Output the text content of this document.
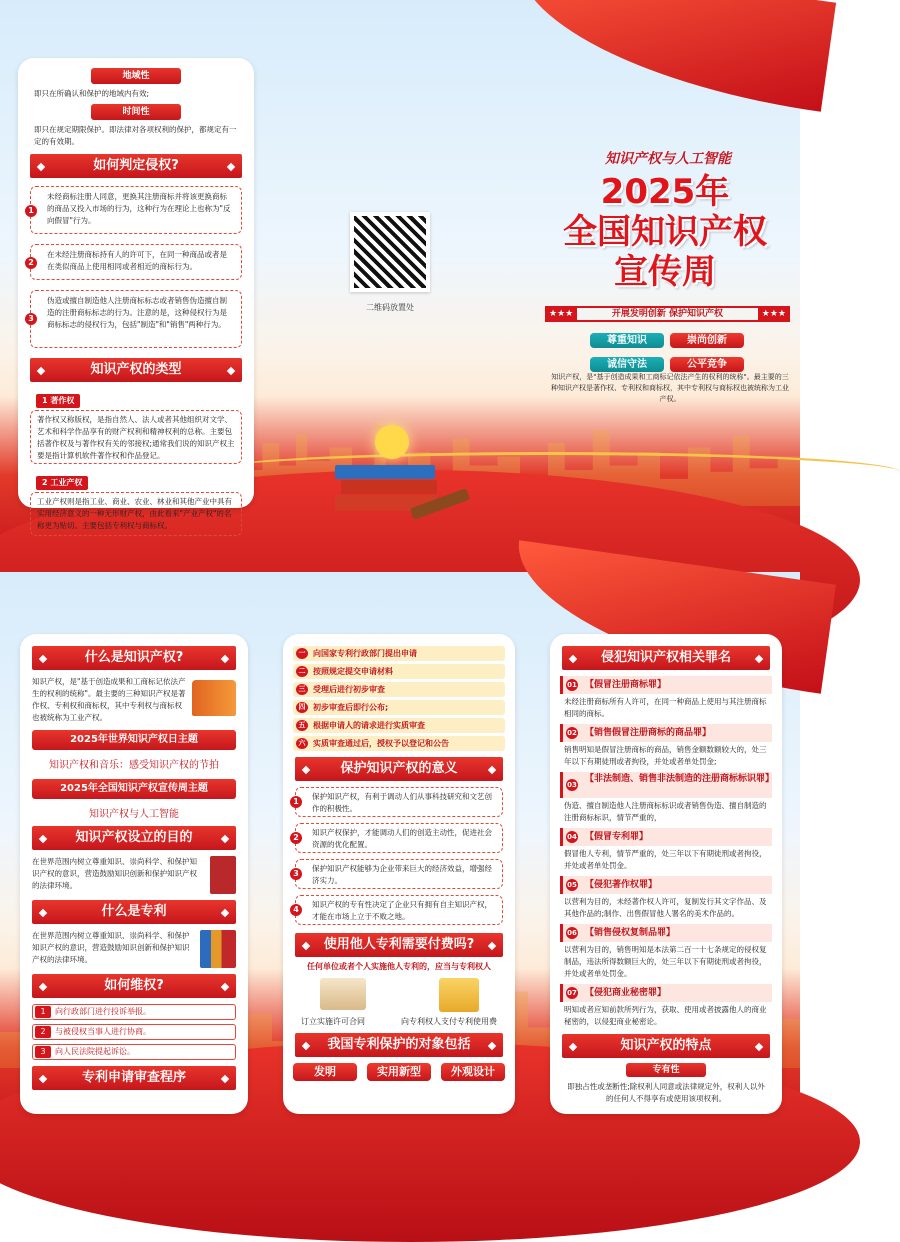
地域性
即只在所确认和保护的地域内有效;
时间性
即只在规定期限保护。即法律对各项权利的保护，都规定有一定的有效期。
如何判定侵权?
1
未经商标注册人同意，更换其注册商标并将该更换商标的商品又投入市场的行为，这种行为在理论上也称为"反向假冒"行为。
2
在未经注册商标持有人的许可下，在同一种商品或者是在类似商品上使用相同或者相近的商标行为。
3
伪造或擅自制造他人注册商标标志或者销售伪造擅自制造的注册商标标志的行为。注意的是，这种侵权行为是商标标志的侵权行为，包括"制造"和"销售"两种行为。
知识产权的类型
1 著作权
著作权又称版权，是指自然人、法人或者其他组织对文学、艺术和科学作品享有的财产权利和精神权利的总称。主要包括著作权及与著作权有关的邻接权;通常我们说的知识产权主要是指计算机软件著作权和作品登记。
2 工业产权
工业产权则是指工业、商业、农业、林业和其他产业中具有实用经济意义的一种无形财产权，由此看来"产业产权"的名称更为贴切。主要包括专利权与商标权。
二维码放置处
知识产权与人工智能
2025年
全国知识产权
宣传周
★★★	开展发明创新 保护知识产权	★★★
尊重知识	崇尚创新 诚信守法	公平竞争
知识产权，是"基于创造成果和工商标记依法产生的权利的统称"。最主要的三种知识产权是著作权、专利权和商标权，其中专利权与商标权也被统称为工业产权。
什么是知识产权?
知识产权，是"基于创造成果和工商标记依法产生的权利的统称"。最主要的三种知识产权是著作权、专利权和商标权，其中专利权与商标权也被统称为工业产权。
2025年世界知识产权日主题
知识产权和音乐：感受知识产权的节拍
2025年全国知识产权宣传周主题
知识产权与人工智能
知识产权设立的目的
在世界范围内树立尊重知识、崇尚科学、和保护知识产权的意识，营造鼓励知识创新和保护知识产权的法律环境。
什么是专利
在世界范围内树立尊重知识、崇尚科学、和保护知识产权的意识，营造鼓励知识创新和保护知识产权的法律环境。
如何维权?
1	向行政部门进行投诉举报。
2	与被侵权当事人进行协商。
3	向人民法院提起诉讼。
专利申请审查程序
一 向国家专利行政部门提出申请
二 按照规定提交申请材料
三 受理后进行初步审查
四 初步审查后即行公布;
五 根据申请人的请求进行实质审查
六 实质审查通过后，授权予以登记和公告
保护知识产权的意义
1
保护知识产权，有利于调动人们从事科技研究和文艺创作的积极性。
2
知识产权保护，才能调动人们的创造主动性，促进社会资源的优化配置。
3
保护知识产权能够为企业带来巨大的经济效益，增强经济实力。
4
知识产权的专有性决定了企业只有拥有自主知识产权，才能在市场上立于不败之地。
使用他人专利需要付费吗?
任何单位或者个人实施他人专利的，应当与专利权人
订立实施许可合同	向专利权人支付专利使用费
我国专利保护的对象包括
发明	实用新型	外观设计
侵犯知识产权相关罪名
01 【假冒注册商标罪】
未经注册商标所有人许可，在同一种商品上使用与其注册商标相同的商标。
02 【销售假冒注册商标的商品罪】
销售明知是假冒注册商标的商品，销售金额数额较大的，处三年以下有期徒刑或者拘役，并处或者单处罚金;
03
【非法制造、销售非法制造的注册商标标识罪】
伪造、擅自制造他人注册商标标识或者销售伪造、擅自制造的注册商标标识，情节严重的，
04 【假冒专利罪】
假冒他人专利，情节严重的，处三年以下有期徒刑或者拘役，并处或者单处罚金。
05 【侵犯著作权罪】
以营利为目的，未经著作权人许可，复制发行其文字作品、及其他作品的;制作、出售假冒他人署名的美术作品的。
06 【销售侵权复制品罪】
以营利为目的，销售明知是本法第二百一十七条规定的侵权复制品，违法所得数额巨大的，处三年以下有期徒刑或者拘役，并处或者单处罚金。
07 【侵犯商业秘密罪】
明知或者应知前款所列行为，获取、使用或者披露他人的商业秘密的，以侵犯商业秘密论。
知识产权的特点
专有性
即独占性或垄断性;除权利人同意或法律规定外，权利人以外的任何人不得享有或使用该项权利。
